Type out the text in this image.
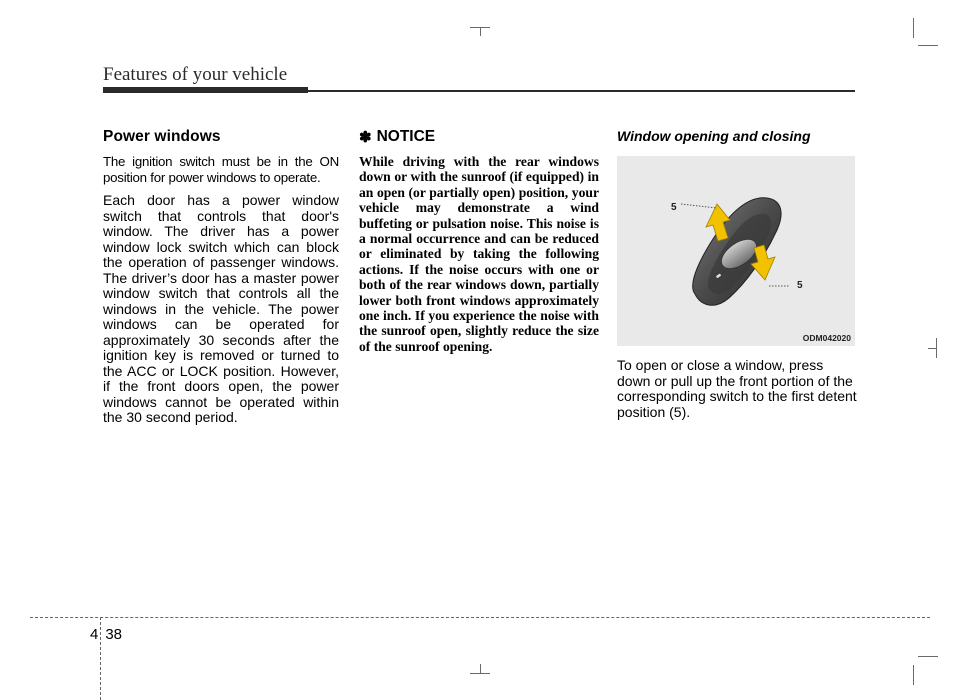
Features of your vehicle
Power windows

The ignition switch must be in the ON position for power windows to operate.

Each door has a power window switch that controls that door's window. The driver has a power window lock switch which can block the operation of passenger windows. The driver’s door has a master power window switch that controls all the windows in the vehicle. The power windows can be operated for approximately 30 seconds after the ignition key is removed or turned to the ACC or LOCK position. However, if the front doors open, the power windows cannot be operated within the 30 second period.

✽ NOTICE

While driving with the rear windows down or with the sunroof (if equipped) in an open (or partially open) position, your vehicle may demonstrate a wind buffeting or pulsation noise. This noise is a normal occurrence and can be reduced or eliminated by taking the following actions. If the noise occurs with one or both of the rear windows down, partially lower both front windows approximately one inch. If you experience the noise with the sunroof open, slightly reduce the size of the sunroof opening.

Window opening and closing
5
5
ODM042020

To open or close a window, press down or pull up the front portion of the corresponding switch to the first detent position (5).

4 38
